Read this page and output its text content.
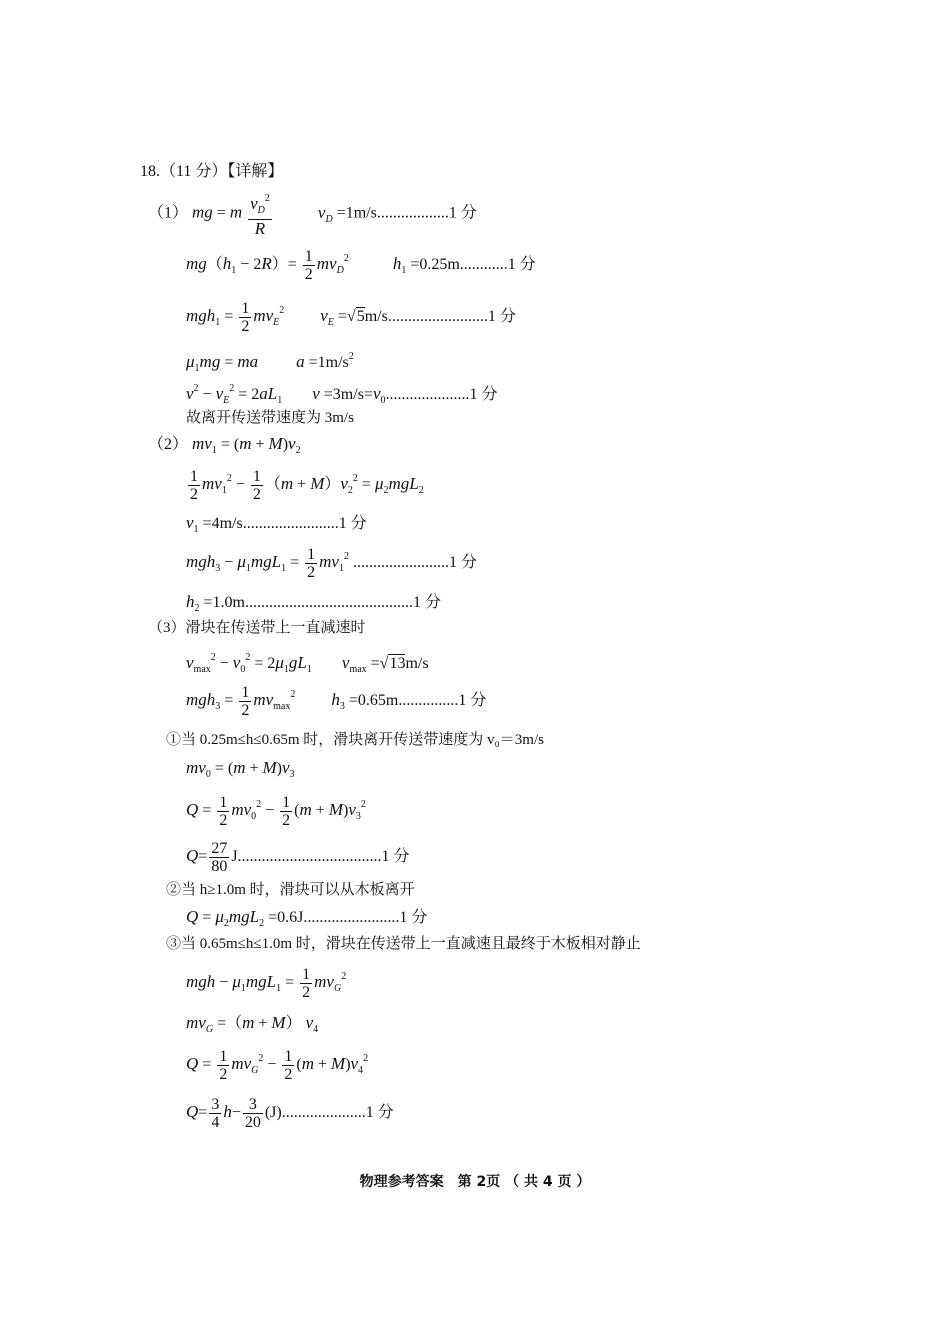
18.（11 分）【详解】
（1） mg = m $\frac{v_D^2}{R}$	$v_D =1m/s..................1$ 分
$mg(h_1 - 2R)= \frac{1}{2} mv_D^2$	$h_1 =0.25m............1$ 分
$mgh_1 = \frac{1}{2} mv_E^2$ $v_E =√5m/s.........................1$ 分
$\mu_1mg$ = ma $a =1m/s^2$
$v^2 - v_E^2 = 2aL_1$ $v =3m/s=v_0.....................1$ 分
故离开传送带速度为 3m/s
（2） $mv_1 = (m + M)v_2$
$\frac{1}{2} mv_1^2 - \frac{1}{2} (m + M)v_2^2 = \mu_2mgL_2$
$v_1 =4m/s........................1$ 分
$mgh_3 - \mu_1mgL_1 = \frac{1}{2} mv_1^2$ ........................1 分
$h_2 =1.0m..........................................1$ 分
（3）滑块在传送带上一直减速时
$v_{max}^2 - v_0^2 = 2\mu_1gL_1$ $v_{max} =√13m/s$
$mgh_3 = \frac{1}{2} mv_{max}^2$ $h_3 =0.65m...............1$ 分
①当 0.25m≤h≤0.65m 时，滑块离开传送带速度为 v₀＝3m/s
$mv_0 = (m + M)v_3$
$Q = \frac{1}{2} mv_0^2 - \frac{1}{2} (m + M)v_3^2$
$Q= \frac{27}{80} J....................................1$ 分
②当 h≥1.0m 时，滑块可以从木板离开
$Q = \mu_2mgL_2 =0.6J........................1$ 分
③当 0.65m≤h≤1.0m 时，滑块在传送带上一直减速且最终于木板相对静止
mgh − $\mu_1mgL_1 = \frac{1}{2} mv_G^2$
$mv_G =(m + M)$ $v_4$
$Q = \frac{1}{2} mv_G^2 - \frac{1}{2} (m + M)v_4^2$
$Q= \frac{3}{4} h- \frac{3}{20} (J).....................1$ 分
物理参考答案　第 2页 （ 共 4 页 ）
